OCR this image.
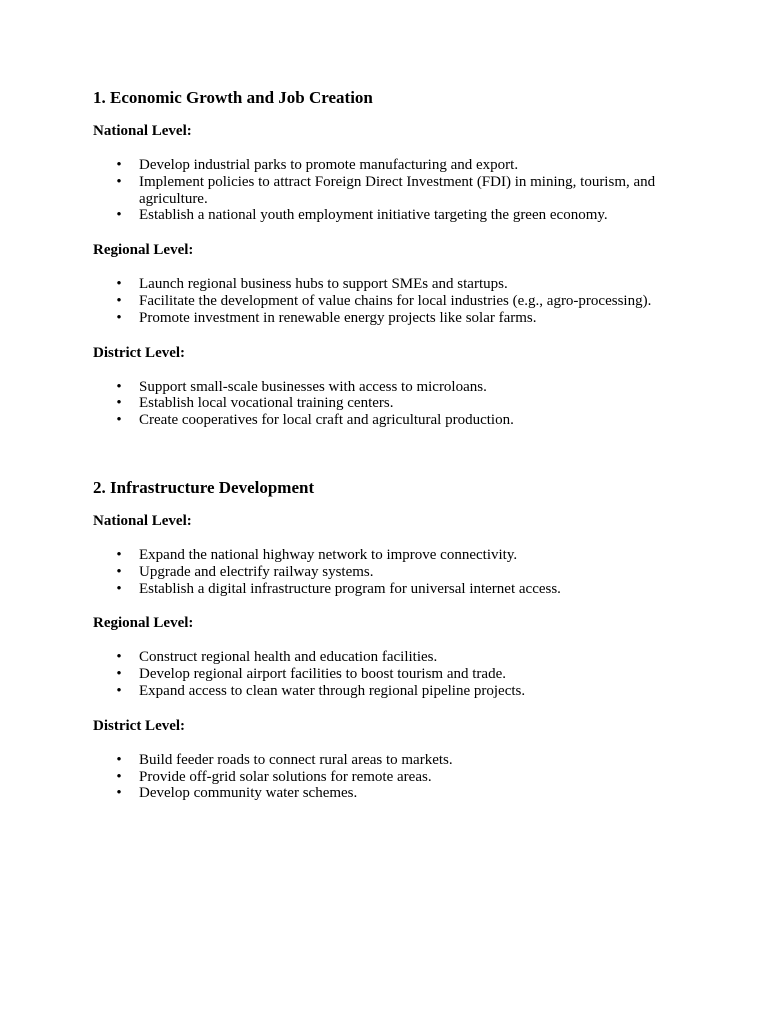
1. Economic Growth and Job Creation
National Level:
• Develop industrial parks to promote manufacturing and export.
• Implement policies to attract Foreign Direct Investment (FDI) in mining, tourism, and agriculture.
• Establish a national youth employment initiative targeting the green economy.
Regional Level:
• Launch regional business hubs to support SMEs and startups.
• Facilitate the development of value chains for local industries (e.g., agro-processing).
• Promote investment in renewable energy projects like solar farms.
District Level:
• Support small-scale businesses with access to microloans.
• Establish local vocational training centers.
• Create cooperatives for local craft and agricultural production.
2. Infrastructure Development
National Level:
• Expand the national highway network to improve connectivity.
• Upgrade and electrify railway systems.
• Establish a digital infrastructure program for universal internet access.
Regional Level:
• Construct regional health and education facilities.
• Develop regional airport facilities to boost tourism and trade.
• Expand access to clean water through regional pipeline projects.
District Level:
• Build feeder roads to connect rural areas to markets.
• Provide off-grid solar solutions for remote areas.
• Develop community water schemes.
